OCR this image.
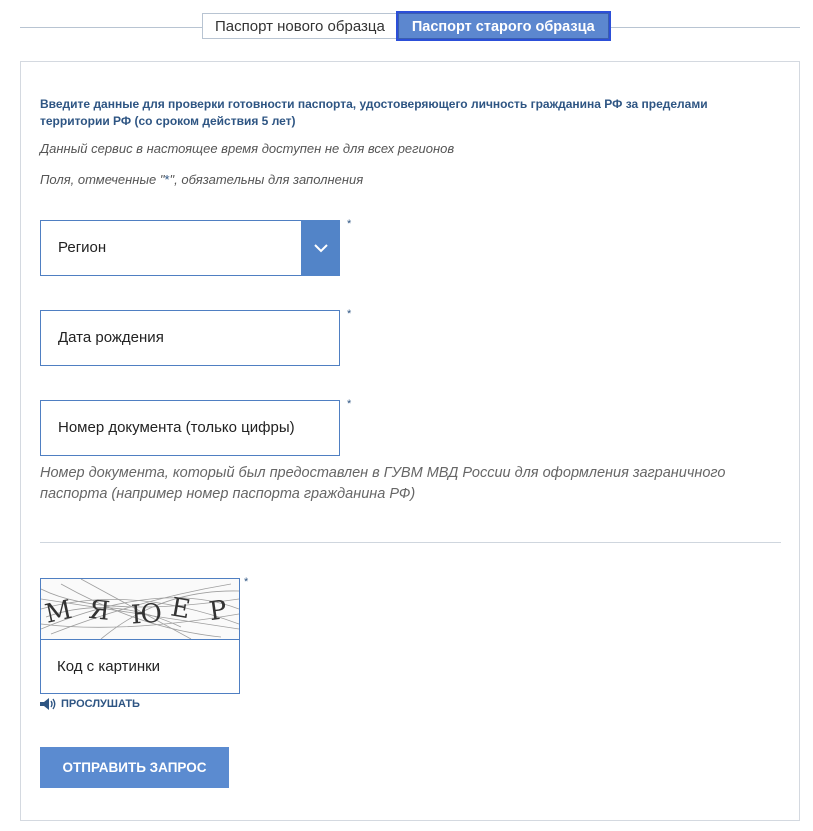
Паспорт нового образца	Паспорт старого образца
Введите данные для проверки готовности паспорта, удостоверяющего личность гражданина РФ за пределами территории РФ (со сроком действия 5 лет)
Данный сервис в настоящее время доступен не для всех регионов
Поля, отмеченные "*", обязательны для заполнения
Регион
*
Дата рождения
*
Номер документа (только цифры)
*
Номер документа, который был предоставлен в ГУВМ МВД России для оформления заграничного паспорта (например номер паспорта гражданина РФ)
М Я Ю Е Р
Код с картинки
*
ПРОСЛУШАТЬ
ОТПРАВИТЬ ЗАПРОС
